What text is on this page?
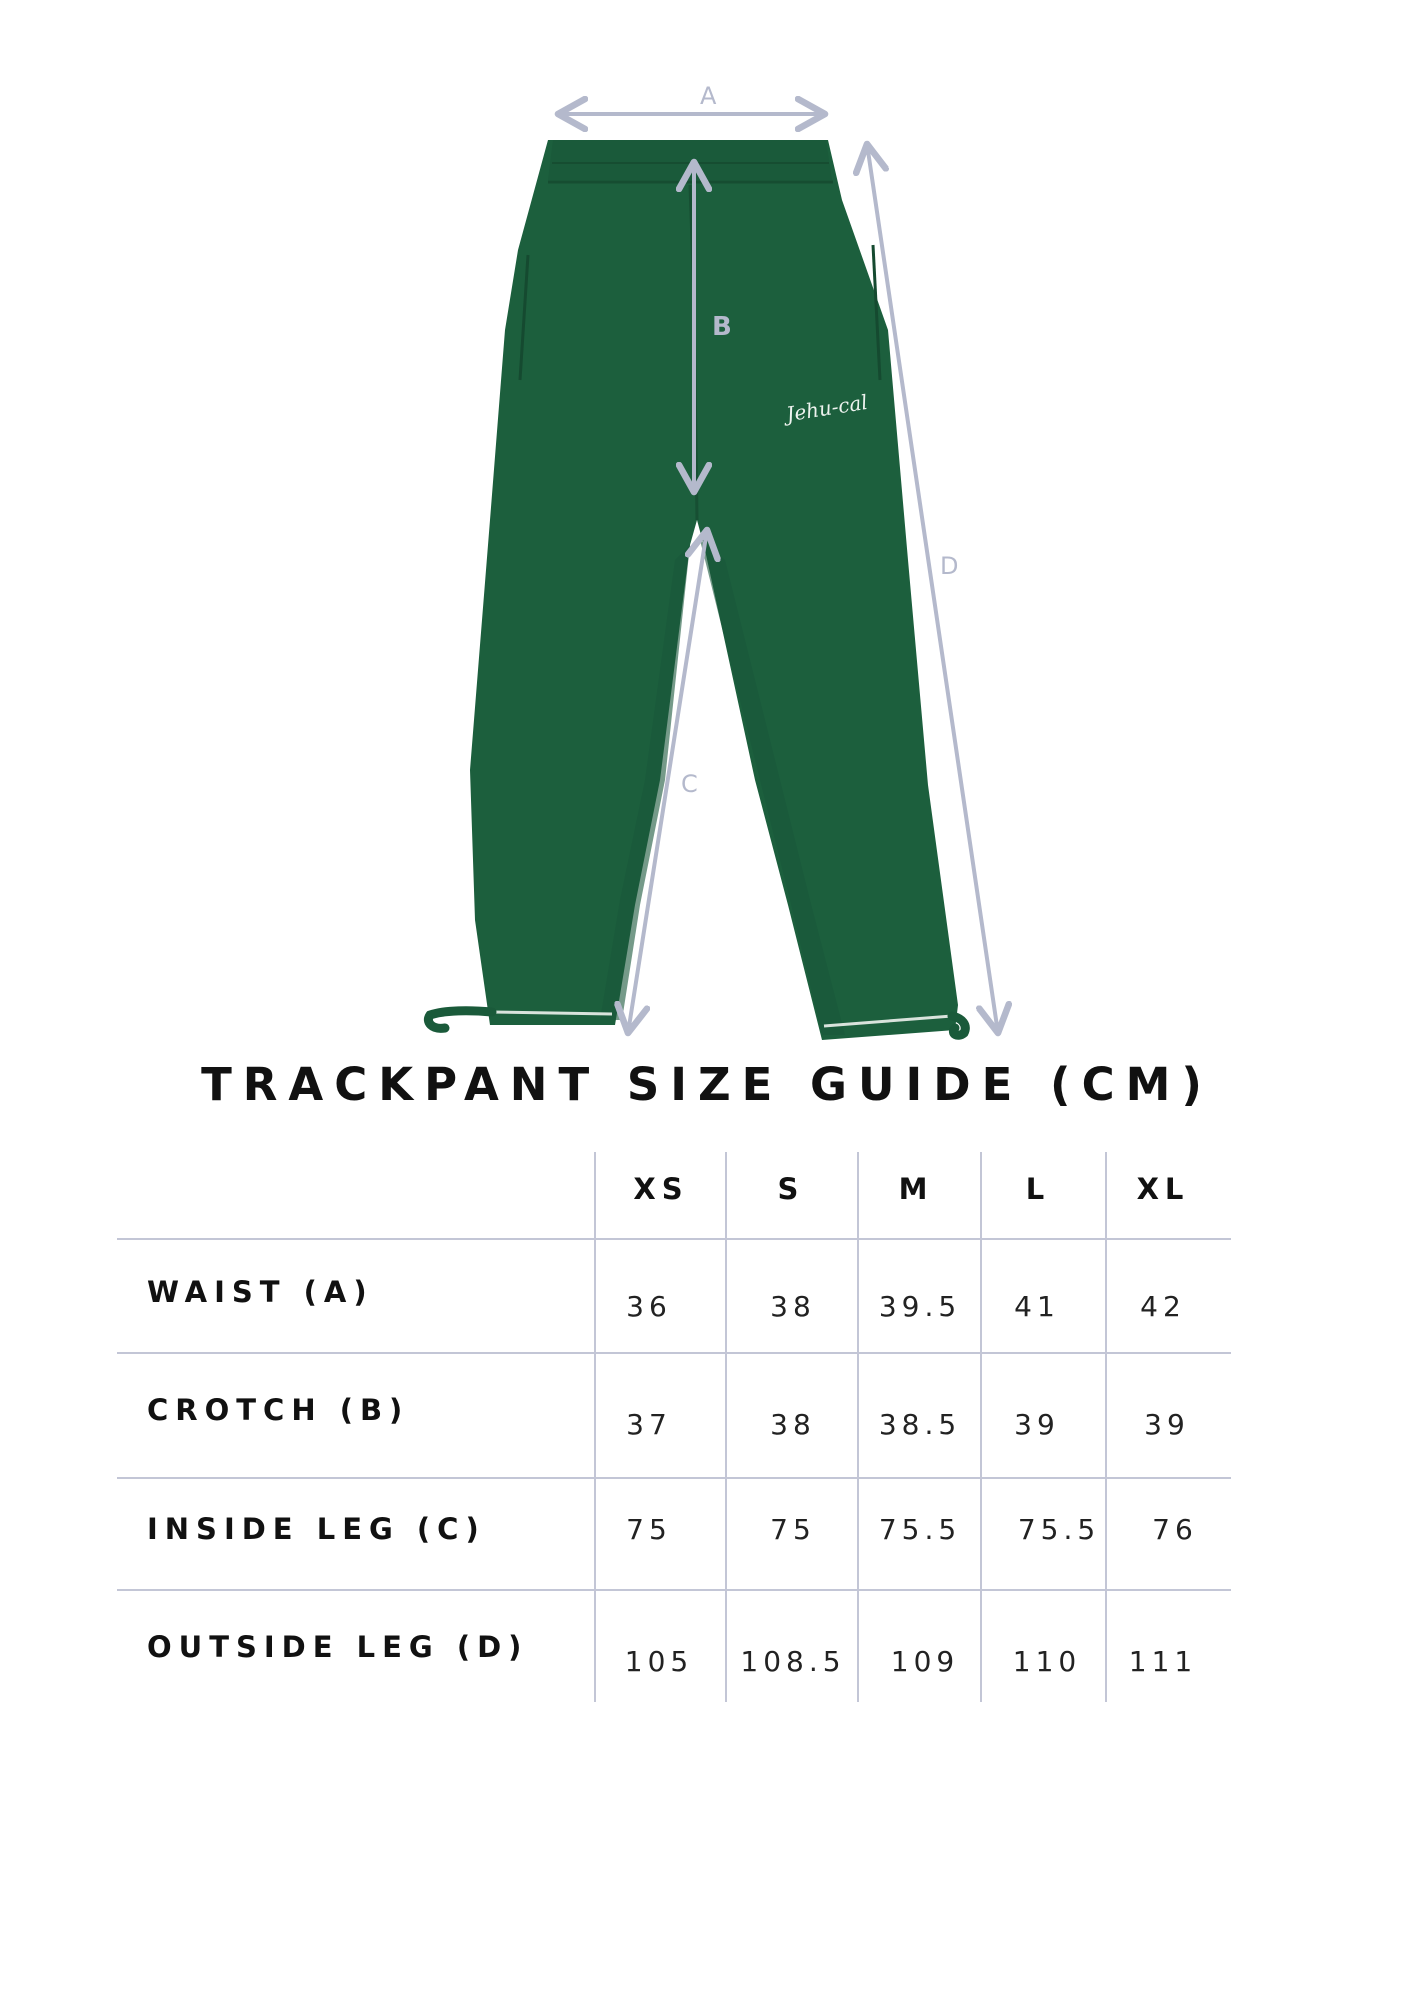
Jehu-cal
A
B
C
D
TRACKPANT SIZE GUIDE (CM)
XS	S	M	L	XL
WAIST (A)	36	38	39.5	41	42
CROTCH (B)	37	38	38.5	39	39
INSIDE LEG (C)	75	75	75.5	75.5	76
OUTSIDE LEG (D)	105	108.5	109	110	111
